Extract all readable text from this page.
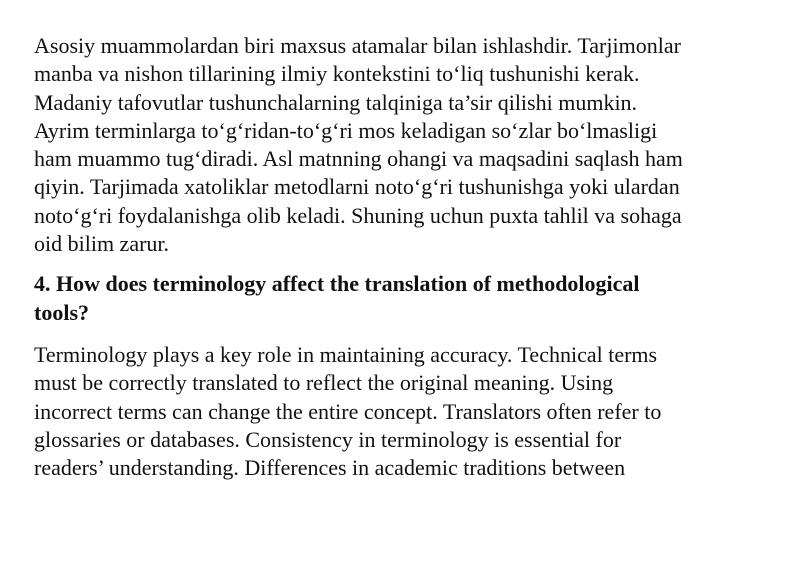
Asosiy muammolardan biri maxsus atamalar bilan ishlashdir. Tarjimonlar
manba va nishon tillarining ilmiy kontekstini to‘liq tushunishi kerak.
Madaniy tafovutlar tushunchalarning talqiniga ta’sir qilishi mumkin.
Ayrim terminlarga to‘g‘ridan-to‘g‘ri mos keladigan so‘zlar bo‘lmasligi
ham muammo tug‘diradi. Asl matnning ohangi va maqsadini saqlash ham
qiyin. Tarjimada xatoliklar metodlarni noto‘g‘ri tushunishga yoki ulardan
noto‘g‘ri foydalanishga olib keladi. Shuning uchun puxta tahlil va sohaga
oid bilim zarur.

4. How does terminology affect the translation of methodological
tools?

Terminology plays a key role in maintaining accuracy. Technical terms
must be correctly translated to reflect the original meaning. Using
incorrect terms can change the entire concept. Translators often refer to
glossaries or databases. Consistency in terminology is essential for
readers’ understanding. Differences in academic traditions between
